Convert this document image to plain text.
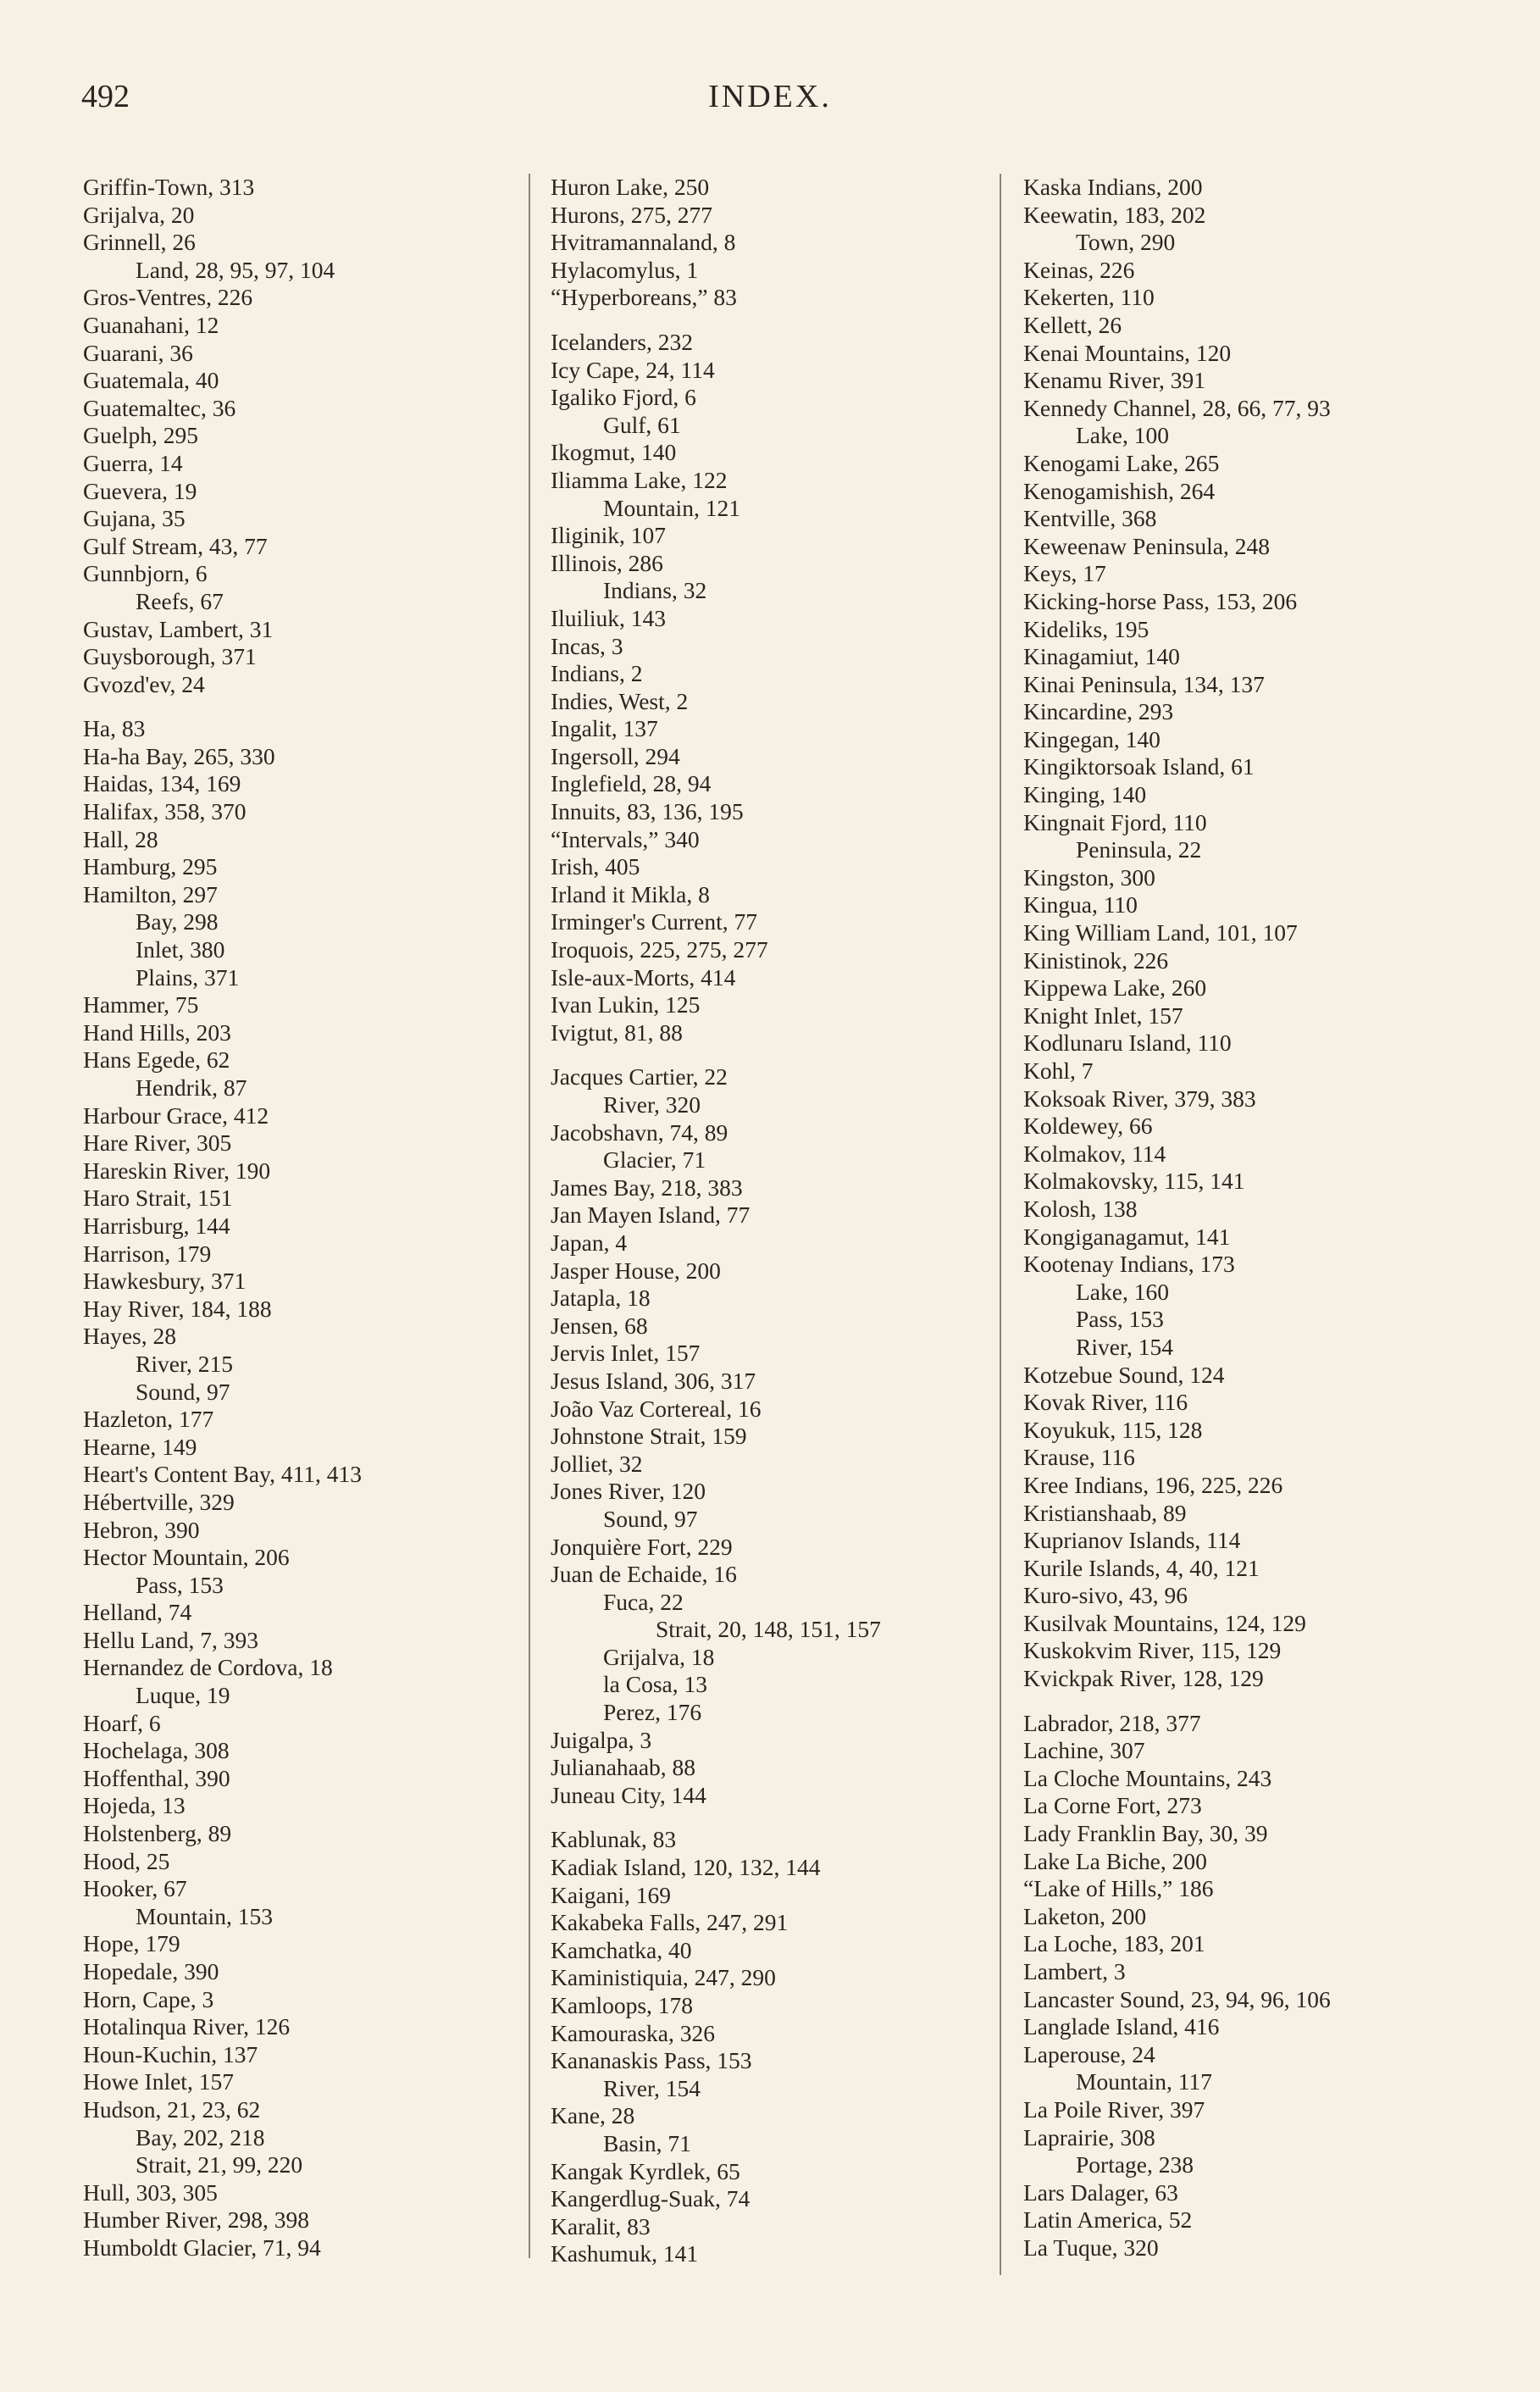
492	INDEX.
Griffin-Town, 313
Grijalva, 20
Grinnell, 26
Land, 28, 95, 97, 104
Gros-Ventres, 226
Guanahani, 12
Guarani, 36
Guatemala, 40
Guatemaltec, 36
Guelph, 295
Guerra, 14
Guevera, 19
Gujana, 35
Gulf Stream, 43, 77
Gunnbjorn, 6
Reefs, 67
Gustav, Lambert, 31
Guysborough, 371
Gvozd'ev, 24
Ha, 83
Ha-ha Bay, 265, 330
Haidas, 134, 169
Halifax, 358, 370
Hall, 28
Hamburg, 295
Hamilton, 297
Bay, 298
Inlet, 380
Plains, 371
Hammer, 75
Hand Hills, 203
Hans Egede, 62
Hendrik, 87
Harbour Grace, 412
Hare River, 305
Hareskin River, 190
Haro Strait, 151
Harrisburg, 144
Harrison, 179
Hawkesbury, 371
Hay River, 184, 188
Hayes, 28
River, 215
Sound, 97
Hazleton, 177
Hearne, 149
Heart's Content Bay, 411, 413
Hébertville, 329
Hebron, 390
Hector Mountain, 206
Pass, 153
Helland, 74
Hellu Land, 7, 393
Hernandez de Cordova, 18
Luque, 19
Hoarf, 6
Hochelaga, 308
Hoffenthal, 390
Hojeda, 13
Holstenberg, 89
Hood, 25
Hooker, 67
Mountain, 153
Hope, 179
Hopedale, 390
Horn, Cape, 3
Hotalinqua River, 126
Houn-Kuchin, 137
Howe Inlet, 157
Hudson, 21, 23, 62
Bay, 202, 218
Strait, 21, 99, 220
Hull, 303, 305
Humber River, 298, 398
Humboldt Glacier, 71, 94
Huron Lake, 250
Hurons, 275, 277
Hvitramannaland, 8
Hylacomylus, 1
“Hyperboreans,” 83
Icelanders, 232
Icy Cape, 24, 114
Igaliko Fjord, 6
Gulf, 61
Ikogmut, 140
Iliamma Lake, 122
Mountain, 121
Iliginik, 107
Illinois, 286
Indians, 32
Iluiliuk, 143
Incas, 3
Indians, 2
Indies, West, 2
Ingalit, 137
Ingersoll, 294
Inglefield, 28, 94
Innuits, 83, 136, 195
“Intervals,” 340
Irish, 405
Irland it Mikla, 8
Irminger's Current, 77
Iroquois, 225, 275, 277
Isle-aux-Morts, 414
Ivan Lukin, 125
Ivigtut, 81, 88
Jacques Cartier, 22
River, 320
Jacobshavn, 74, 89
Glacier, 71
James Bay, 218, 383
Jan Mayen Island, 77
Japan, 4
Jasper House, 200
Jatapla, 18
Jensen, 68
Jervis Inlet, 157
Jesus Island, 306, 317
João Vaz Cortereal, 16
Johnstone Strait, 159
Jolliet, 32
Jones River, 120
Sound, 97
Jonquière Fort, 229
Juan de Echaide, 16
Fuca, 22
Strait, 20, 148, 151, 157
Grijalva, 18
la Cosa, 13
Perez, 176
Juigalpa, 3
Julianahaab, 88
Juneau City, 144
Kablunak, 83
Kadiak Island, 120, 132, 144
Kaigani, 169
Kakabeka Falls, 247, 291
Kamchatka, 40
Kaministiquia, 247, 290
Kamloops, 178
Kamouraska, 326
Kananaskis Pass, 153
River, 154
Kane, 28
Basin, 71
Kangak Kyrdlek, 65
Kangerdlug-Suak, 74
Karalit, 83
Kashumuk, 141
Kaska Indians, 200
Keewatin, 183, 202
Town, 290
Keinas, 226
Kekerten, 110
Kellett, 26
Kenai Mountains, 120
Kenamu River, 391
Kennedy Channel, 28, 66, 77, 93
Lake, 100
Kenogami Lake, 265
Kenogamishish, 264
Kentville, 368
Keweenaw Peninsula, 248
Keys, 17
Kicking-horse Pass, 153, 206
Kideliks, 195
Kinagamiut, 140
Kinai Peninsula, 134, 137
Kincardine, 293
Kingegan, 140
Kingiktorsoak Island, 61
Kinging, 140
Kingnait Fjord, 110
Peninsula, 22
Kingston, 300
Kingua, 110
King William Land, 101, 107
Kinistinok, 226
Kippewa Lake, 260
Knight Inlet, 157
Kodlunaru Island, 110
Kohl, 7
Koksoak River, 379, 383
Koldewey, 66
Kolmakov, 114
Kolmakovsky, 115, 141
Kolosh, 138
Kongiganagamut, 141
Kootenay Indians, 173
Lake, 160
Pass, 153
River, 154
Kotzebue Sound, 124
Kovak River, 116
Koyukuk, 115, 128
Krause, 116
Kree Indians, 196, 225, 226
Kristianshaab, 89
Kuprianov Islands, 114
Kurile Islands, 4, 40, 121
Kuro-sivo, 43, 96
Kusilvak Mountains, 124, 129
Kuskokvim River, 115, 129
Kvickpak River, 128, 129
Labrador, 218, 377
Lachine, 307
La Cloche Mountains, 243
La Corne Fort, 273
Lady Franklin Bay, 30, 39
Lake La Biche, 200
“Lake of Hills,” 186
Laketon, 200
La Loche, 183, 201
Lambert, 3
Lancaster Sound, 23, 94, 96, 106
Langlade Island, 416
Laperouse, 24
Mountain, 117
La Poile River, 397
Laprairie, 308
Portage, 238
Lars Dalager, 63
Latin America, 52
La Tuque, 320
